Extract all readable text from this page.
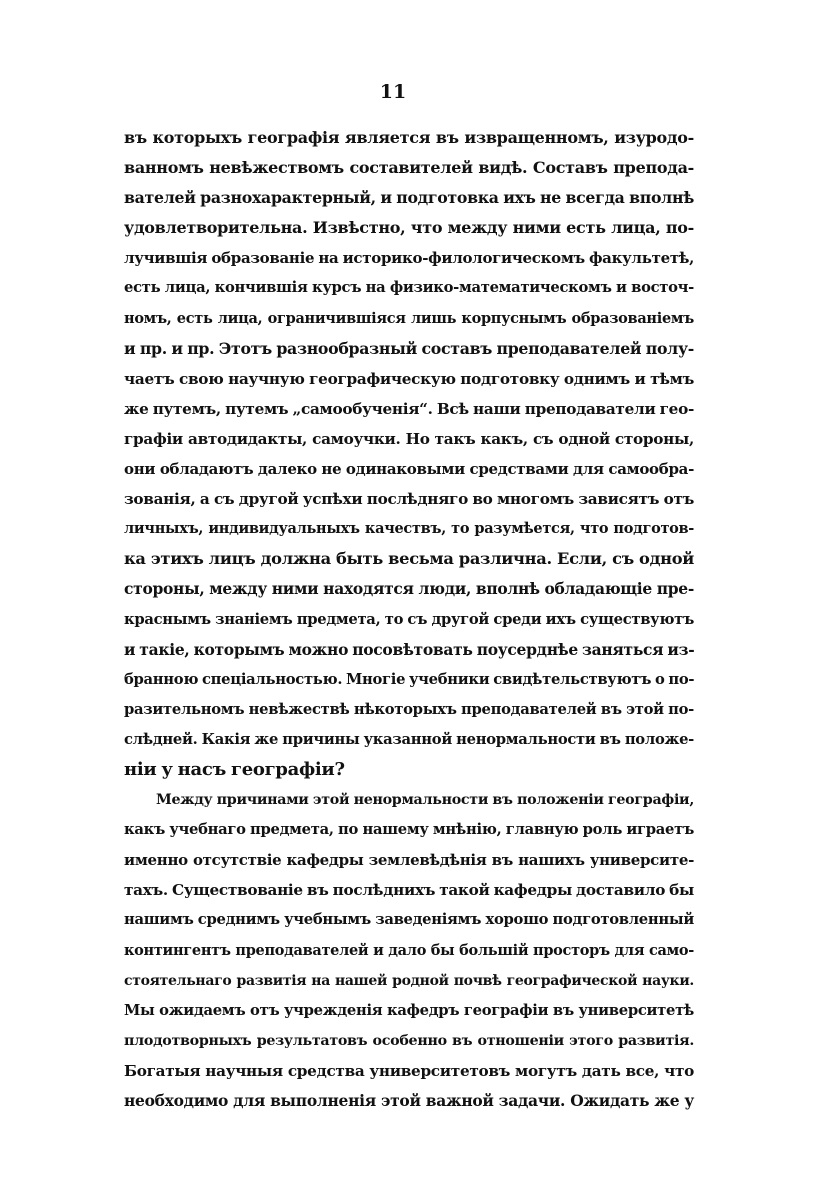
11
въ которыхъ географія является въ извращенномъ, изуродо-
ванномъ невѣжествомъ составителей видѣ. Составъ препода-
вателей разнохарактерный, и подготовка ихъ не всегда вполнѣ
удовлетворительна. Извѣстно, что между ними есть лица, по-
лучившія образованіе на историко-филологическомъ факультетѣ,
есть лица, кончившія курсъ на физико-математическомъ и восточ-
номъ, есть лица, ограничившіяся лишь корпуснымъ образованіемъ
и пр. и пр. Этотъ разнообразный составъ преподавателей полу-
чаетъ свою научную географическую подготовку однимъ и тѣмъ
же путемъ, путемъ „самообученія“. Всѣ наши преподаватели гео-
графіи автодидакты, самоучки. Но такъ какъ, съ одной стороны,
они обладаютъ далеко не одинаковыми средствами для самообра-
зованія, а съ другой успѣхи послѣдняго во многомъ зависятъ отъ
личныхъ, индивидуальныхъ качествъ, то разумѣется, что подготов-
ка этихъ лицъ должна быть весьма различна. Если, съ одной
стороны, между ними находятся люди, вполнѣ обладающіе пре-
краснымъ знаніемъ предмета, то съ другой среди ихъ существуютъ
и такіе, которымъ можно посовѣтовать поусерднѣе заняться из-
бранною спеціальностью. Многіе учебники свидѣтельствуютъ о по-
разительномъ невѣжествѣ нѣкоторыхъ преподавателей въ этой по-
слѣдней. Какія же причины указанной ненормальности въ положе-
ніи у насъ географіи?
Между причинами этой ненормальности въ положеніи географіи,
какъ учебнаго предмета, по нашему мнѣнію, главную роль играетъ
именно отсутствіе кафедры землевѣдѣнія въ нашихъ университе-
тахъ. Существованіе въ послѣднихъ такой кафедры доставило бы
нашимъ среднимъ учебнымъ заведеніямъ хорошо подготовленный
контингентъ преподавателей и дало бы большій просторъ для само-
стоятельнаго развитія на нашей родной почвѣ географической науки.
Мы ожидаемъ отъ учрежденія кафедръ географіи въ университетѣ
плодотворныхъ результатовъ особенно въ отношеніи этого развитія.
Богатыя научныя средства университетовъ могутъ дать все, что
необходимо для выполненія этой важной задачи. Ожидать же у
